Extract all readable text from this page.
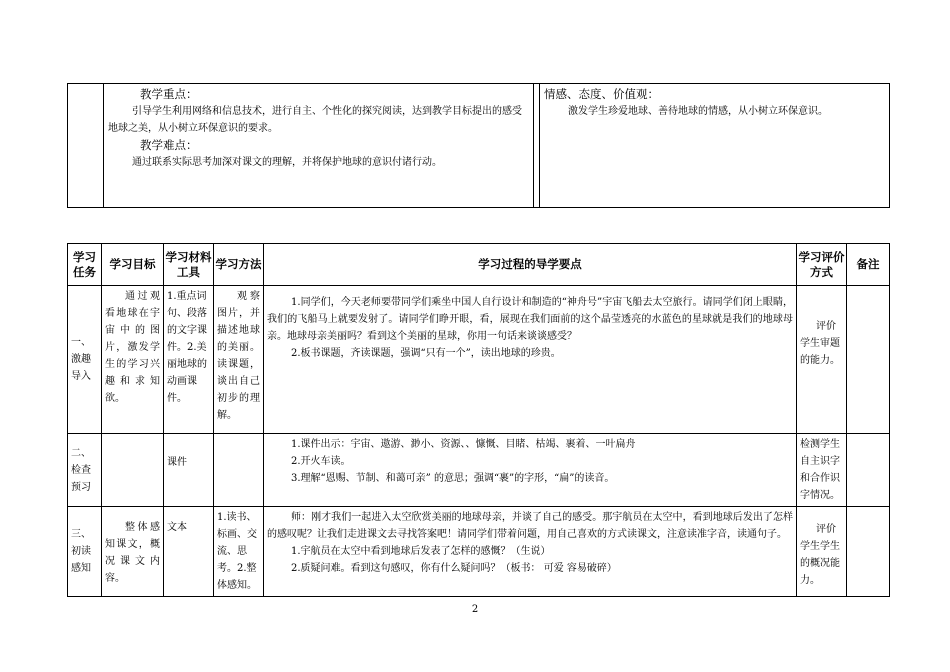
教学重点：
引导学生利用网络和信息技术，进行自主、个性化的探究阅读，达到教学目标提出的感受地球之美，从小树立环保意识的要求。
教学难点：
通过联系实际思考加深对课文的理解，并将保护地球的意识付诸行动。

情感、态度、价值观：
激发学生珍爱地球、善待地球的情感，从小树立环保意识。
学习任务	学习目标	学习材料工具	学习方法	学习过程的导学要点	学习评价方式	备注
一、激趣导入	通过观看地球在宇宙中的图片，激发学生的学习兴趣和求知欲。	1.重点词句、段落的文字课件。2.美丽地球的动画课件。	观察图片，并描述地球的美丽。读课题，谈出自己初步的理解。	1.同学们，今天老师要带同学们乘坐中国人自行设计和制造的“神舟号”宇宙飞船去太空旅行。请同学们闭上眼睛，我们的飞船马上就要发射了。请同学们睁开眼，看，展现在我们面前的这个晶莹透亮的水蓝色的星球就是我们的地球母亲。地球母亲美丽吗？看到这个美丽的星球，你用一句话来谈谈感受？
2.板书课题，齐读课题，强调“只有一个”，读出地球的珍贵。	评价学生审题的能力。	
二、检查预习		课件		1.课件出示：宇宙、遨游、渺小、资源、、慷慨、目睹、枯竭、裹着、一叶扁舟
2.开火车读。
3.理解“恩赐、节制、和蔼可亲” 的意思；强调“裹”的字形，“扁”的读音。	检测学生自主识字和合作识字情况。	
三、初读感知	整体感知课文，概况课文内容。	文本	1.读书、标画、交流、思考。2.整体感知。	师：刚才我们一起进入太空欣赏美丽的地球母亲，并谈了自己的感受。那宇航员在太空中，看到地球后发出了怎样的感叹呢？让我们走进课文去寻找答案吧！请同学们带着问题，用自己喜欢的方式读课文，注意读准字音，读通句子。
1.宇航员在太空中看到地球后发表了怎样的感慨？（生说）
2.质疑问难。看到这句感叹，你有什么疑问吗？（板书： 可爱 容易破碎）	评价学生学生的概况能力。	
2
